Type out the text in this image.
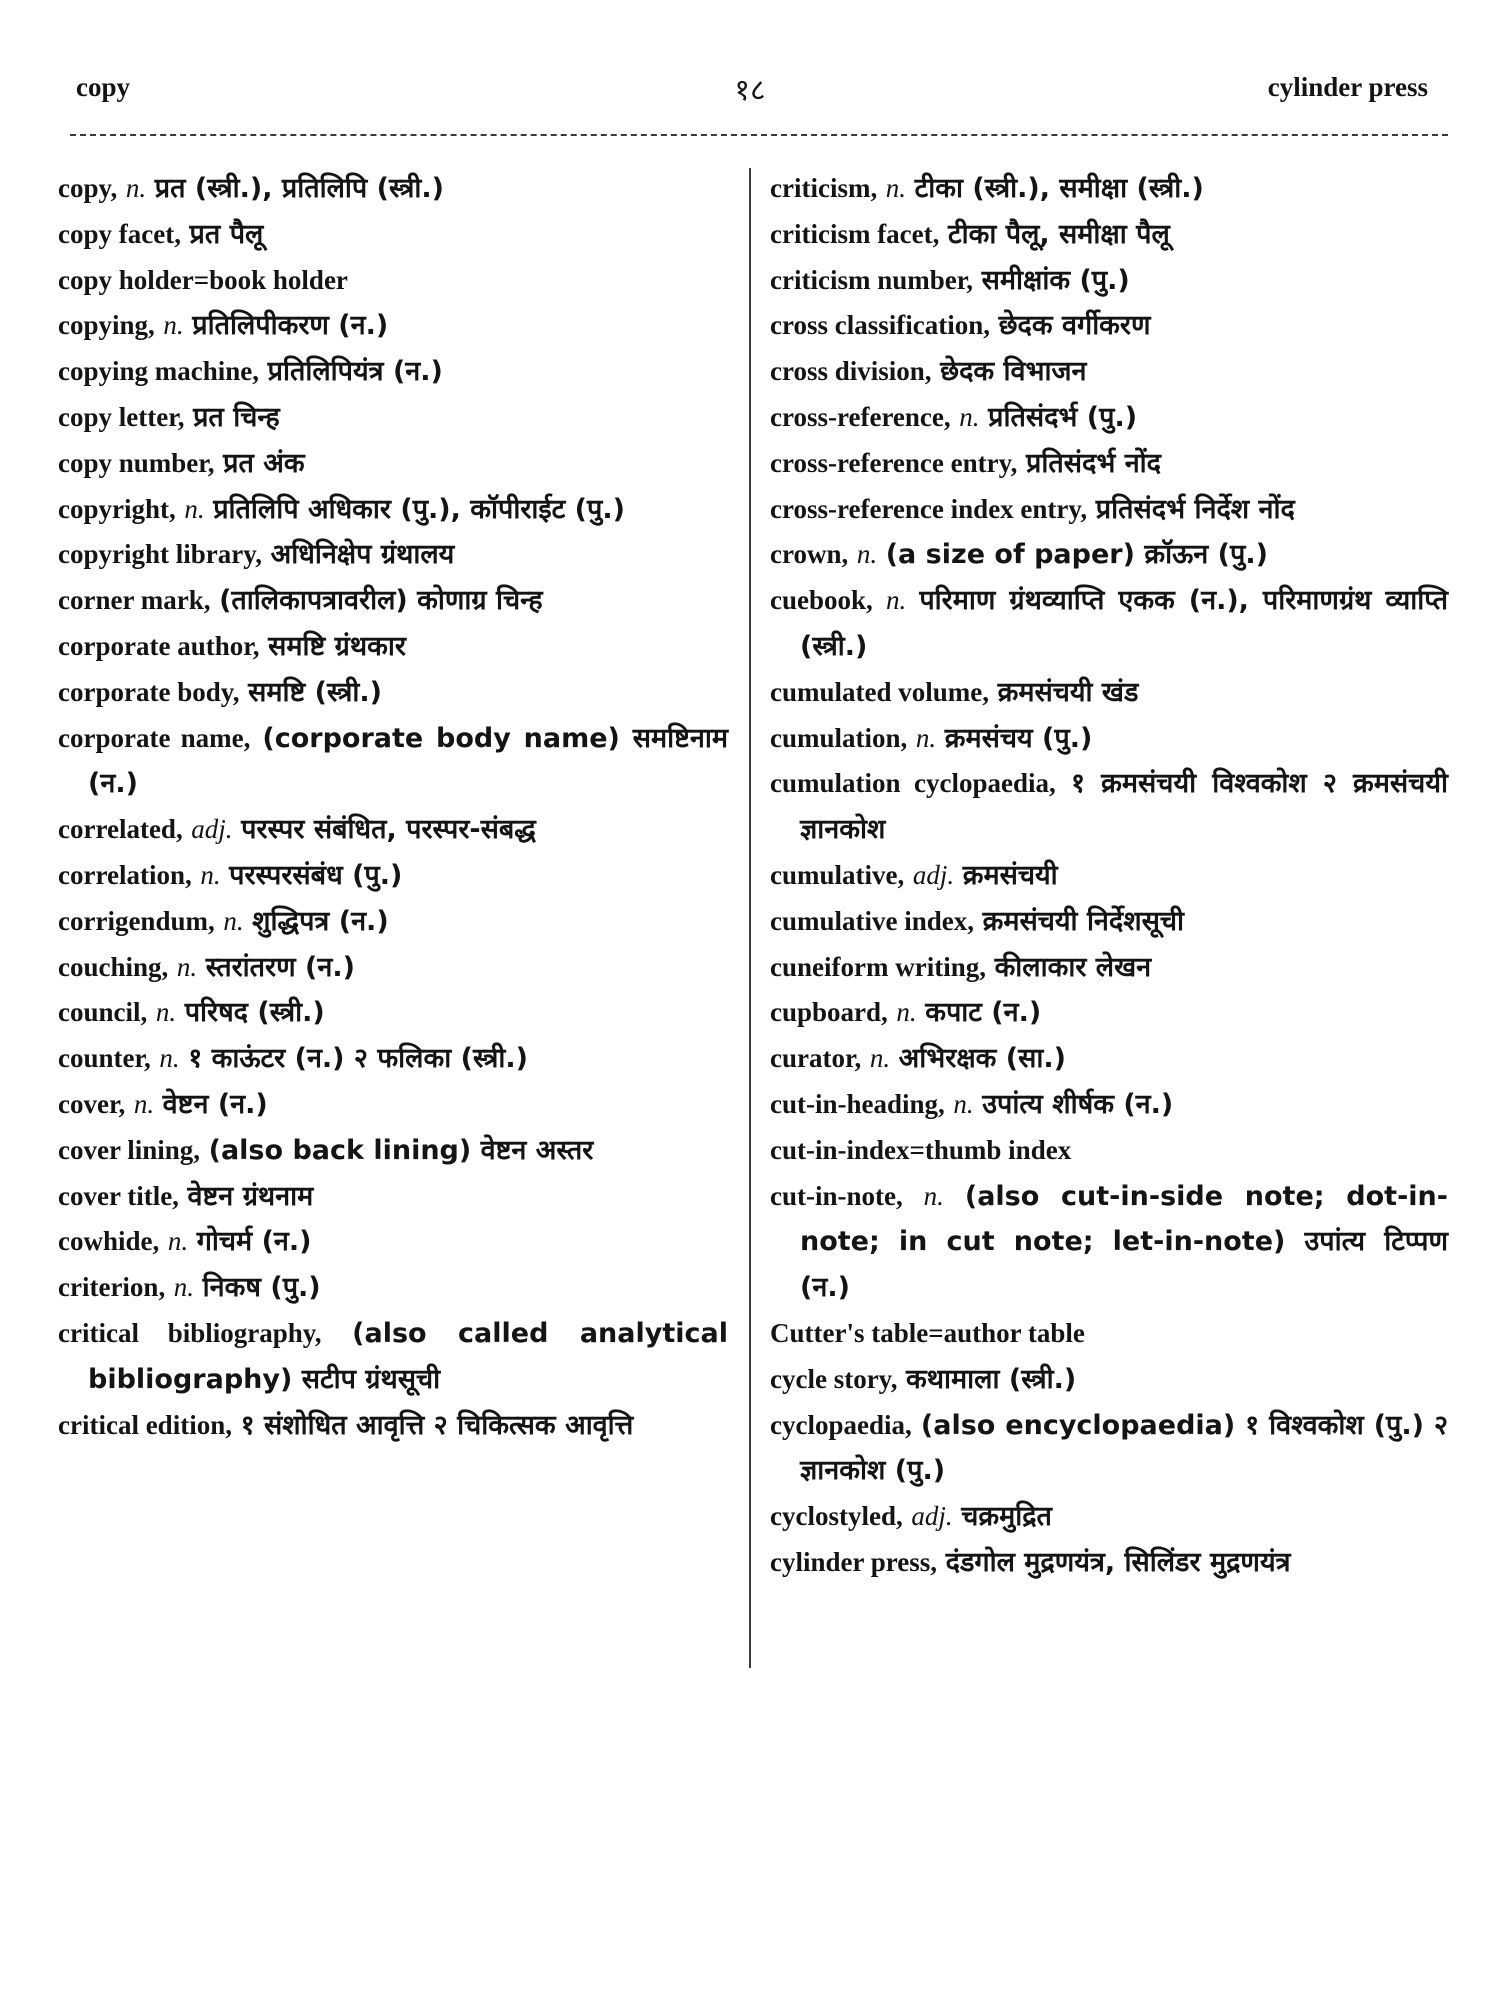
copy	१८	cylinder press
copy, n. प्रत (स्त्री.), प्रतिलिपि (स्त्री.)
copy facet, प्रत पैलू
copy holder=book holder
copying, n. प्रतिलिपीकरण (न.)
copying machine, प्रतिलिपियंत्र (न.)
copy letter, प्रत चिन्ह
copy number, प्रत अंक
copyright, n. प्रतिलिपि अधिकार (पु.), कॉपीराईट (पु.)
copyright library, अधिनिक्षेप ग्रंथालय
corner mark, (तालिकापत्रावरील) कोणाग्र चिन्ह
corporate author, समष्टि ग्रंथकार
corporate body, समष्टि (स्त्री.)
corporate name, (corporate body name) समष्टिनाम (न.)
correlated, adj. परस्पर संबंधित, परस्पर-संबद्ध
correlation, n. परस्परसंबंध (पु.)
corrigendum, n. शुद्धिपत्र (न.)
couching, n. स्तरांतरण (न.)
council, n. परिषद (स्त्री.)
counter, n. १ काऊंटर (न.) २ फलिका (स्त्री.)
cover, n. वेष्टन (न.)
cover lining, (also back lining) वेष्टन अस्तर
cover title, वेष्टन ग्रंथनाम
cowhide, n. गोचर्म (न.)
criterion, n. निकष (पु.)
critical bibliography, (also called analytical bibliography) सटीप ग्रंथसूची
critical edition, १ संशोधित आवृत्ति २ चिकित्सक आवृत्ति
criticism, n. टीका (स्त्री.), समीक्षा (स्त्री.)
criticism facet, टीका पैलू, समीक्षा पैलू
criticism number, समीक्षांक (पु.)
cross classification, छेदक वर्गीकरण
cross division, छेदक विभाजन
cross-reference, n. प्रतिसंदर्भ (पु.)
cross-reference entry, प्रतिसंदर्भ नोंद
cross-reference index entry, प्रतिसंदर्भ निर्देश नोंद
crown, n. (a size of paper) क्रॉऊन (पु.)
cuebook, n. परिमाण ग्रंथव्याप्ति एकक (न.), परिमाणग्रंथ व्याप्ति (स्त्री.)
cumulated volume, क्रमसंचयी खंड
cumulation, n. क्रमसंचय (पु.)
cumulation cyclopaedia, १ क्रमसंचयी विश्वकोश २ क्रमसंचयी ज्ञानकोश
cumulative, adj. क्रमसंचयी
cumulative index, क्रमसंचयी निर्देशसूची
cuneiform writing, कीलाकार लेखन
cupboard, n. कपाट (न.)
curator, n. अभिरक्षक (सा.)
cut-in-heading, n. उपांत्य शीर्षक (न.)
cut-in-index=thumb index
cut-in-note, n. (also cut-in-side note; dot-in-note; in cut note; let-in-note) उपांत्य टिप्पण (न.)
Cutter's table=author table
cycle story, कथामाला (स्त्री.)
cyclopaedia, (also encyclopaedia) १ विश्वकोश (पु.) २ ज्ञानकोश (पु.)
cyclostyled, adj. चक्रमुद्रित
cylinder press, दंडगोल मुद्रणयंत्र, सिलिंडर मुद्रणयंत्र
